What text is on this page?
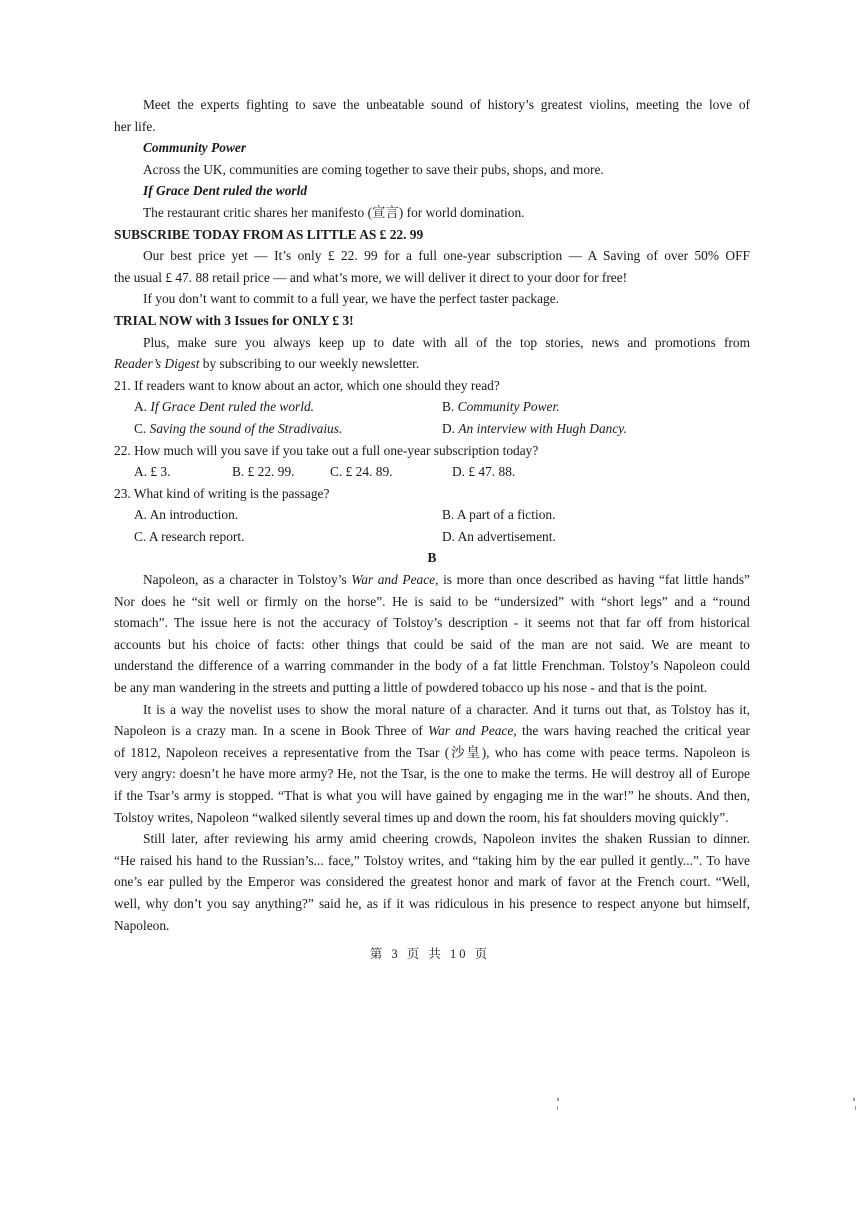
Meet the experts fighting to save the unbeatable sound of history’s greatest violins, meeting the love of
her life.
Community Power
Across the UK, communities are coming together to save their pubs, shops, and more.
If Grace Dent ruled the world
The restaurant critic shares her manifesto (宣言) for world domination.
SUBSCRIBE TODAY FROM AS LITTLE AS £ 22. 99
Our best price yet — It’s only £ 22. 99 for a full one-year subscription — A Saving of over 50% OFF
the usual £ 47. 88 retail price — and what’s more, we will deliver it direct to your door for free!
If you don’t want to commit to a full year, we have the perfect taster package.
TRIAL NOW with 3 Issues for ONLY £ 3!
Plus, make sure you always keep up to date with all of the top stories, news and promotions from
Reader’s Digest by subscribing to our weekly newsletter.
21. If readers want to know about an actor, which one should they read?
A. If Grace Dent ruled the world.	B. Community Power.
C. Saving the sound of the Stradivaius.	D. An interview with Hugh Dancy.
22. How much will you save if you take out a full one-year subscription today?
A. £ 3.	B. £ 22. 99.	C. £ 24. 89.	D. £ 47. 88.
23. What kind of writing is the passage?
A. An introduction.	B. A part of a fiction.
C. A research report.	D. An advertisement.
B
Napoleon, as a character in Tolstoy’s War and Peace, is more than once described as having “fat little hands”
Nor does he “sit well or firmly on the horse”. He is said to be “undersized” with “short legs” and a “round
stomach”. The issue here is not the accuracy of Tolstoy’s description - it seems not that far off from historical
accounts but his choice of facts: other things that could be said of the man are not said. We are meant to
understand the difference of a warring commander in the body of a fat little Frenchman. Tolstoy’s Napoleon could
be any man wandering in the streets and putting a little of powdered tobacco up his nose - and that is the point.
It is a way the novelist uses to show the moral nature of a character. And it turns out that, as Tolstoy has it,
Napoleon is a crazy man. In a scene in Book Three of War and Peace, the wars having reached the critical year
of 1812, Napoleon receives a representative from the Tsar (沙皇), who has come with peace terms. Napoleon is
very angry: doesn’t he have more army? He, not the Tsar, is the one to make the terms. He will destroy all of Europe
if the Tsar’s army is stopped. “That is what you will have gained by engaging me in the war!” he shouts. And then,
Tolstoy writes, Napoleon “walked silently several times up and down the room, his fat shoulders moving quickly”.
Still later, after reviewing his army amid cheering crowds, Napoleon invites the shaken Russian to dinner.
“He raised his hand to the Russian’s... face,” Tolstoy writes, and “taking him by the ear pulled it gently...”. To have
one’s ear pulled by the Emperor was considered the greatest honor and mark of favor at the French court. “Well,
well, why don’t you say anything?” said he, as if it was ridiculous in his presence to respect anyone but himself,
Napoleon.
第 3 页 共 10 页
